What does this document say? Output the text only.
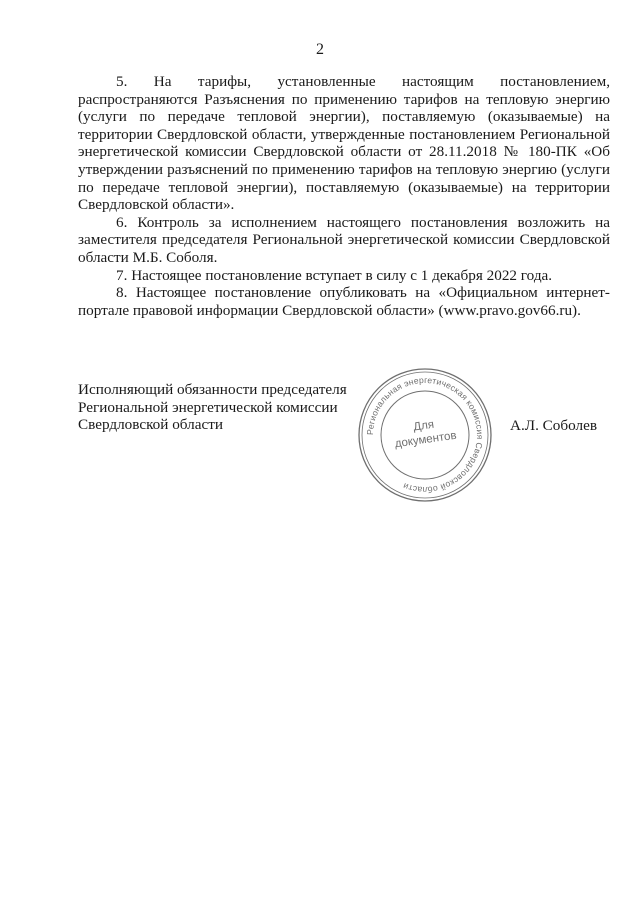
2

5. На тарифы, установленные настоящим постановлением, распространяются Разъяснения по применению тарифов на тепловую энергию (услуги по передаче тепловой энергии), поставляемую (оказываемые) на территории Свердловской области, утвержденные постановлением Региональной энергетической комиссии Свердловской области от 28.11.2018 № 180-ПК «Об утверждении разъяснений по применению тарифов на тепловую энергию (услуги по передаче тепловой энергии), поставляемую (оказываемые) на территории Свердловской области».

6. Контроль за исполнением настоящего постановления возложить на заместителя председателя Региональной энергетической комиссии Свердловской области М.Б. Соболя.

7. Настоящее постановление вступает в силу с 1 декабря 2022 года.

8. Настоящее постановление опубликовать на «Официальном интернет-портале правовой информации Свердловской области» (www.pravo.gov66.ru).

Исполняющий обязанности председателя
Региональной энергетической комиссии
Свердловской области	Региональная энергетическая комиссия Свердловской области
Для
документов
А.Л. Соболев
